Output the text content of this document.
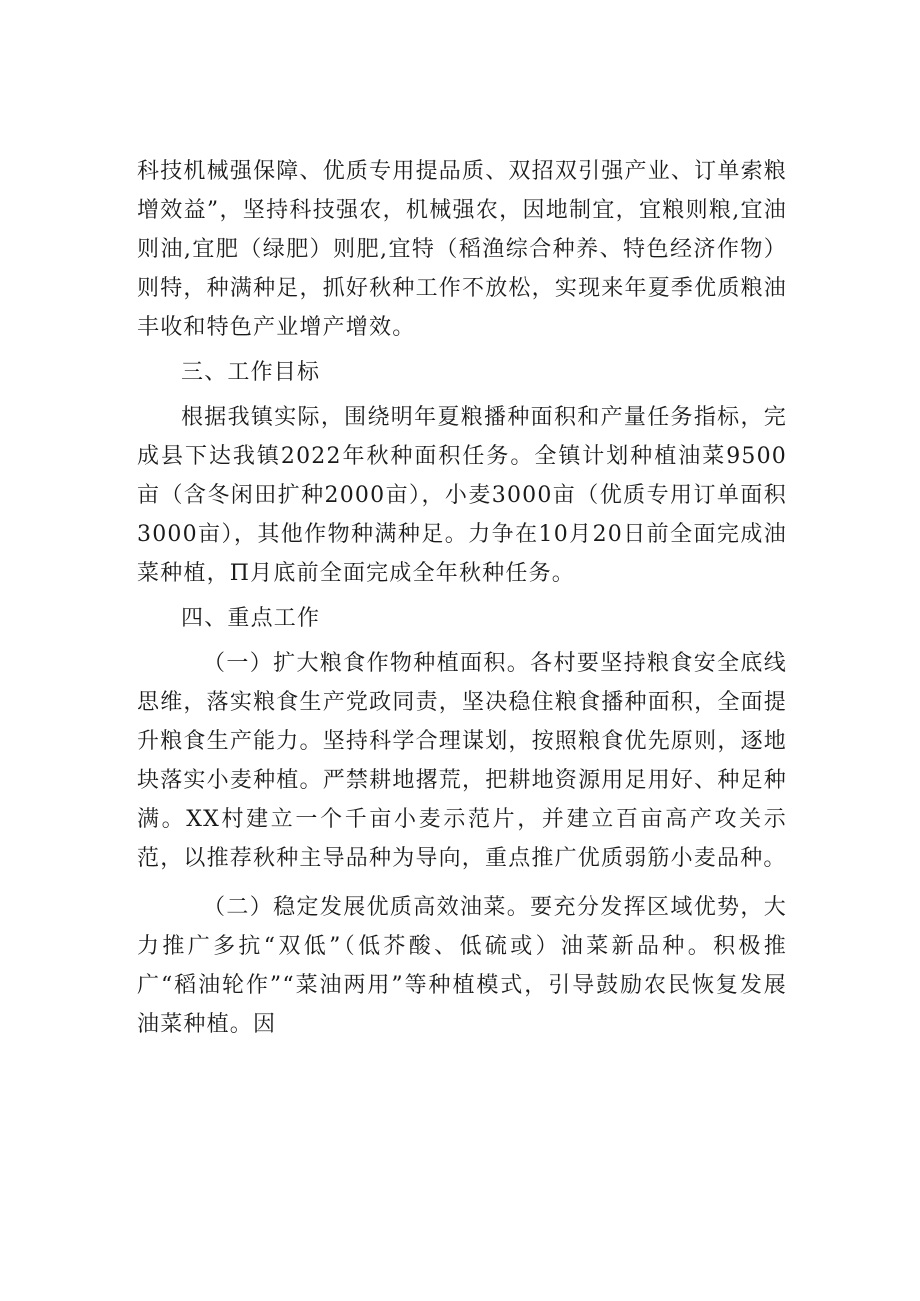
科技机械强保障、优质专用提品质、双招双引强产业、订单索粮增效益”，坚持科技强农，机械强农，因地制宜，宜粮则粮,宜油则油,宜肥（绿肥）则肥,宜特（稻渔综合种养、特色经济作物）则特，种满种足，抓好秋种工作不放松，实现来年夏季优质粮油丰收和特色产业增产增效。

三、工作目标

根据我镇实际，围绕明年夏粮播种面积和产量任务指标，完成县下达我镇2022年秋种面积任务。全镇计划种植油菜9500亩（含冬闲田扩种2000亩），小麦3000亩（优质专用订单面积3000亩），其他作物种满种足。力争在10月20日前全面完成油菜种植，Π月底前全面完成全年秋种任务。

四、重点工作

（一）扩大粮食作物种植面积。各村要坚持粮食安全底线思维，落实粮食生产党政同责，坚决稳住粮食播种面积，全面提升粮食生产能力。坚持科学合理谋划，按照粮食优先原则，逐地块落实小麦种植。严禁耕地撂荒，把耕地资源用足用好、种足种满。XX村建立一个千亩小麦示范片，并建立百亩高产攻关示范，以推荐秋种主导品种为导向，重点推广优质弱筋小麦品种。

（二）稳定发展优质高效油菜。要充分发挥区域优势，大力推广多抗“双低”（低芥酸、低硫或）油菜新品种。积极推广“稻油轮作”“菜油两用”等种植模式，引导鼓励农民恢复发展油菜种植。因
